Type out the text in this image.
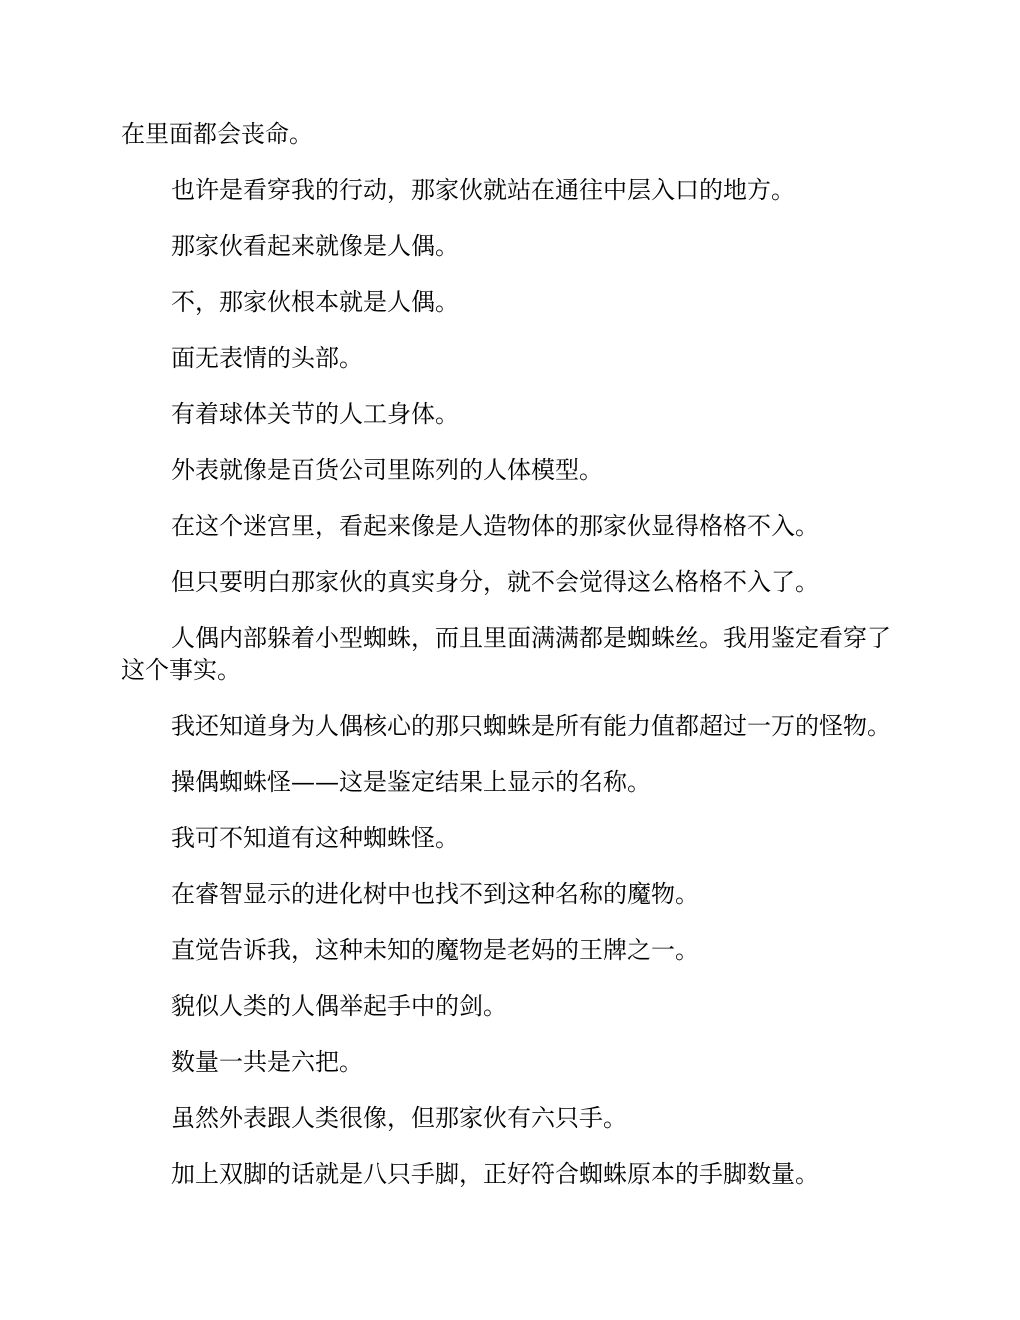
在里面都会丧命。

也许是看穿我的行动，那家伙就站在通往中层入口的地方。

那家伙看起来就像是人偶。

不，那家伙根本就是人偶。

面无表情的头部。

有着球体关节的人工身体。

外表就像是百货公司里陈列的人体模型。

在这个迷宫里，看起来像是人造物体的那家伙显得格格不入。

但只要明白那家伙的真实身分，就不会觉得这么格格不入了。

人偶内部躲着小型蜘蛛，而且里面满满都是蜘蛛丝。我用鉴定看穿了这个事实。

我还知道身为人偶核心的那只蜘蛛是所有能力值都超过一万的怪物。

操偶蜘蛛怪——这是鉴定结果上显示的名称。

我可不知道有这种蜘蛛怪。

在睿智显示的进化树中也找不到这种名称的魔物。

直觉告诉我，这种未知的魔物是老妈的王牌之一。

貌似人类的人偶举起手中的剑。

数量一共是六把。

虽然外表跟人类很像，但那家伙有六只手。

加上双脚的话就是八只手脚，正好符合蜘蛛原本的手脚数量。
